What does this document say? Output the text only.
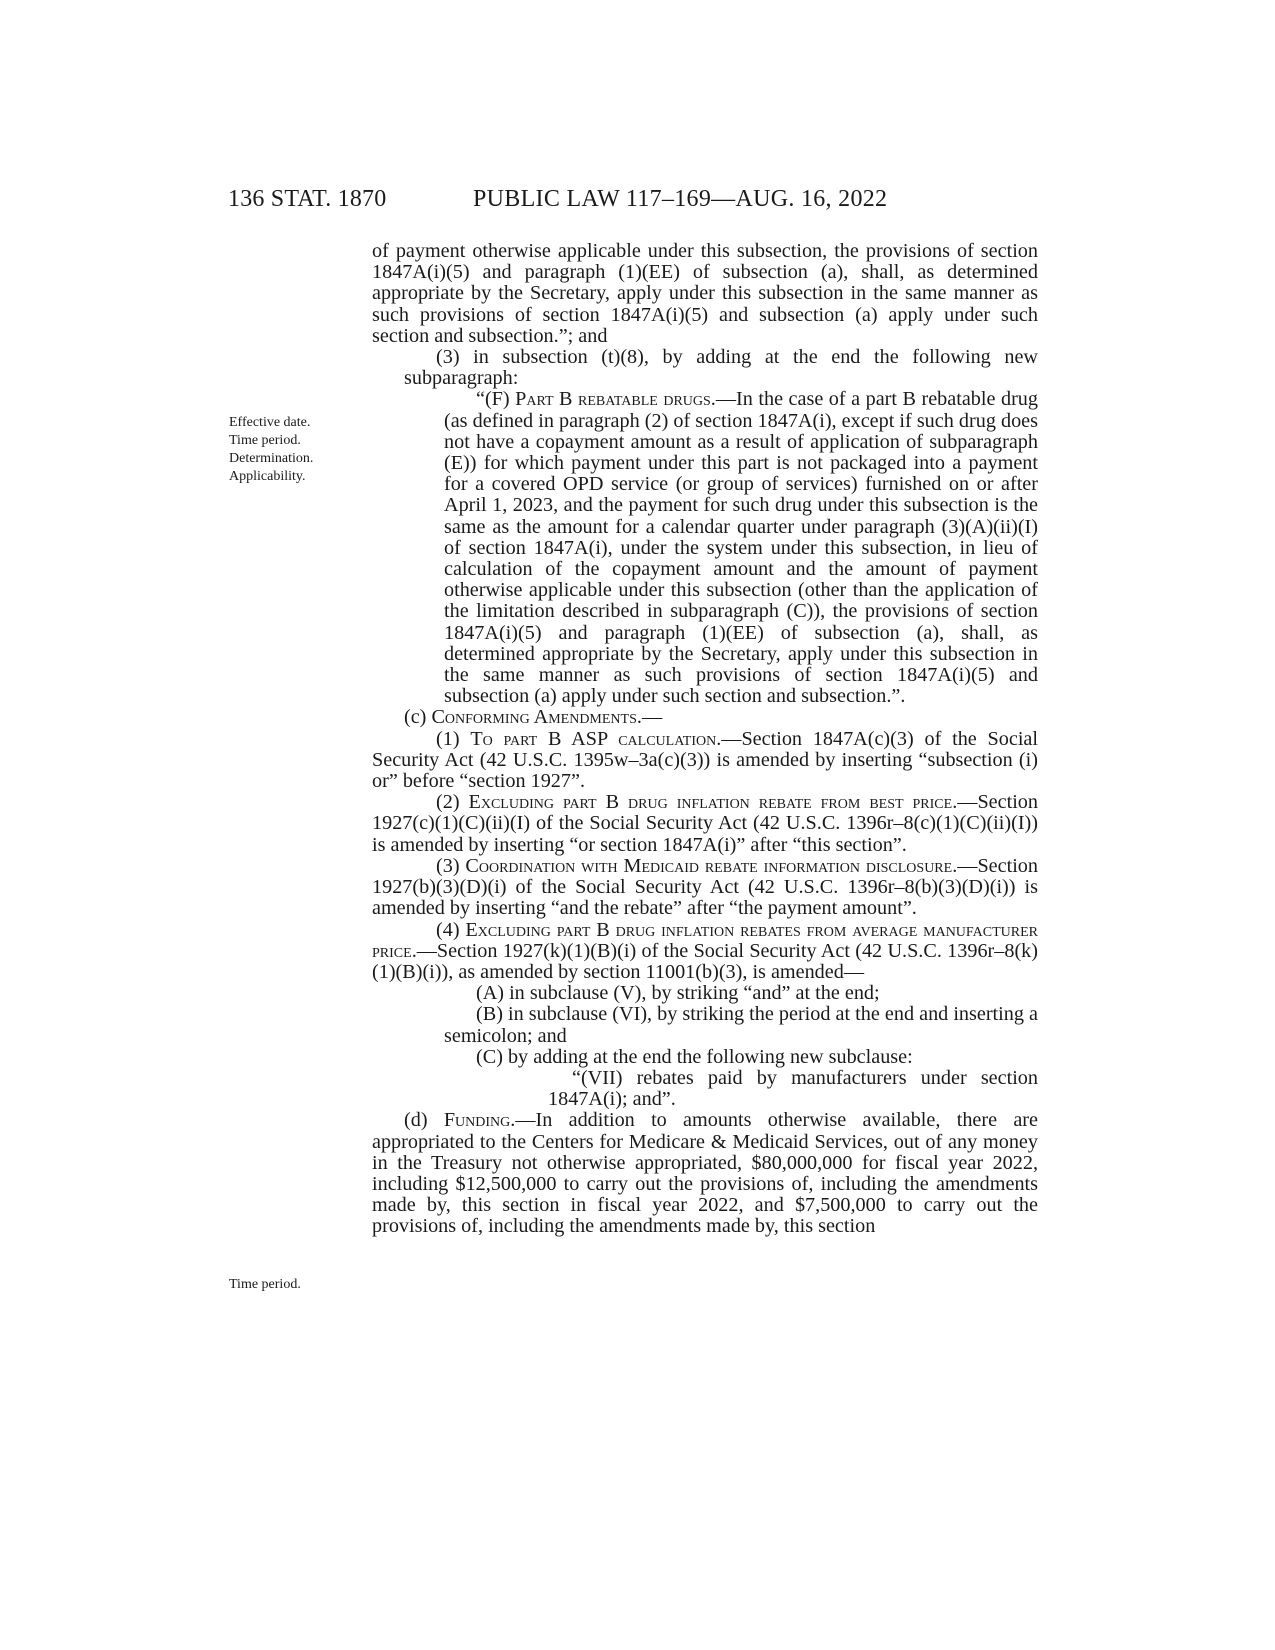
136 STAT. 1870	PUBLIC LAW 117–169—AUG. 16, 2022
Effective date.
Time period.
Determination.
Applicability.
Time period.

of payment otherwise applicable under this subsection, the provisions of section 1847A(i)(5) and paragraph (1)(EE) of subsection (a), shall, as determined appropriate by the Secretary, apply under this subsection in the same manner as such provisions of section 1847A(i)(5) and subsection (a) apply under such section and subsection.”; and

(3) in subsection (t)(8), by adding at the end the following new subparagraph:

“(F) Part B rebatable drugs.—In the case of a part B rebatable drug (as defined in paragraph (2) of section 1847A(i), except if such drug does not have a copayment amount as a result of application of subparagraph (E)) for which payment under this part is not packaged into a payment for a covered OPD service (or group of services) furnished on or after April 1, 2023, and the payment for such drug under this subsection is the same as the amount for a calendar quarter under paragraph (3)(A)(ii)(I) of section 1847A(i), under the system under this subsection, in lieu of calculation of the copayment amount and the amount of payment otherwise applicable under this subsection (other than the application of the limitation described in subparagraph (C)), the provisions of section 1847A(i)(5) and paragraph (1)(EE) of subsection (a), shall, as determined appropriate by the Secretary, apply under this subsection in the same manner as such provisions of section 1847A(i)(5) and subsection (a) apply under such section and subsection.”.

(c) Conforming Amendments.—

(1) To part B ASP calculation.—Section 1847A(c)(3) of the Social Security Act (42 U.S.C. 1395w–3a(c)(3)) is amended by inserting “subsection (i) or” before “section 1927”.

(2) Excluding part B drug inflation rebate from best price.—Section 1927(c)(1)(C)(ii)(I) of the Social Security Act (42 U.S.C. 1396r–8(c)(1)(C)(ii)(I)) is amended by inserting “or section 1847A(i)” after “this section”.

(3) Coordination with Medicaid rebate information disclosure.—Section 1927(b)(3)(D)(i) of the Social Security Act (42 U.S.C. 1396r–8(b)(3)(D)(i)) is amended by inserting “and the rebate” after “the payment amount”.

(4) Excluding part B drug inflation rebates from average manufacturer price.—Section 1927(k)(1)(B)(i) of the Social Security Act (42 U.S.C. 1396r–8(k)(1)(B)(i)), as amended by section 11001(b)(3), is amended—

(A) in subclause (V), by striking “and” at the end;

(B) in subclause (VI), by striking the period at the end and inserting a semicolon; and

(C) by adding at the end the following new subclause:

“(VII) rebates paid by manufacturers under section 1847A(i); and”.

(d) Funding.—In addition to amounts otherwise available, there are appropriated to the Centers for Medicare & Medicaid Services, out of any money in the Treasury not otherwise appropriated, $80,000,000 for fiscal year 2022, including $12,500,000 to carry out the provisions of, including the amendments made by, this section in fiscal year 2022, and $7,500,000 to carry out the provisions of, including the amendments made by, this section
